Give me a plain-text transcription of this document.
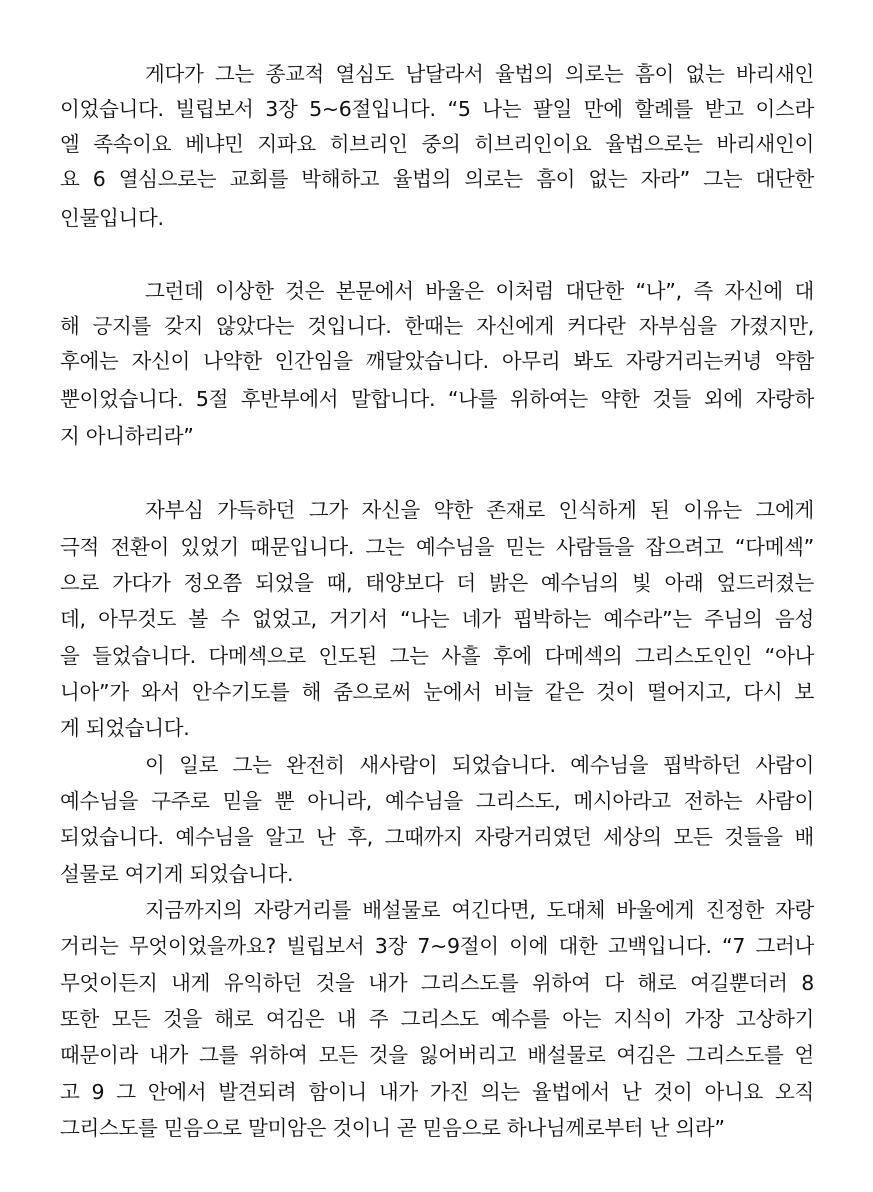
게다가 그는 종교적 열심도 남달라서 율법의 의로는 흠이 없는 바리새인
이었습니다. 빌립보서 3장 5~6절입니다. “5 나는 팔일 만에 할례를 받고 이스라
엘 족속이요 베냐민 지파요 히브리인 중의 히브리인이요 율법으로는 바리새인이
요 6 열심으로는 교회를 박해하고 율법의 의로는 흠이 없는 자라” 그는 대단한
인물입니다.
그런데 이상한 것은 본문에서 바울은 이처럼 대단한 “나”, 즉 자신에 대
해 긍지를 갖지 않았다는 것입니다. 한때는 자신에게 커다란 자부심을 가졌지만,
후에는 자신이 나약한 인간임을 깨달았습니다. 아무리 봐도 자랑거리는커녕 약함
뿐이었습니다. 5절 후반부에서 말합니다. “나를 위하여는 약한 것들 외에 자랑하
지 아니하리라”
자부심 가득하던 그가 자신을 약한 존재로 인식하게 된 이유는 그에게
극적 전환이 있었기 때문입니다. 그는 예수님을 믿는 사람들을 잡으려고 “다메섹”
으로 가다가 정오쯤 되었을 때, 태양보다 더 밝은 예수님의 빛 아래 엎드러졌는
데, 아무것도 볼 수 없었고, 거기서 “나는 네가 핍박하는 예수라”는 주님의 음성
을 들었습니다. 다메섹으로 인도된 그는 사흘 후에 다메섹의 그리스도인인 “아나
니아”가 와서 안수기도를 해 줌으로써 눈에서 비늘 같은 것이 떨어지고, 다시 보
게 되었습니다.
이 일로 그는 완전히 새사람이 되었습니다. 예수님을 핍박하던 사람이
예수님을 구주로 믿을 뿐 아니라, 예수님을 그리스도, 메시아라고 전하는 사람이
되었습니다. 예수님을 알고 난 후, 그때까지 자랑거리였던 세상의 모든 것들을 배
설물로 여기게 되었습니다.
지금까지의 자랑거리를 배설물로 여긴다면, 도대체 바울에게 진정한 자랑
거리는 무엇이었을까요? 빌립보서 3장 7~9절이 이에 대한 고백입니다. “7 그러나
무엇이든지 내게 유익하던 것을 내가 그리스도를 위하여 다 해로 여길뿐더러 8
또한 모든 것을 해로 여김은 내 주 그리스도 예수를 아는 지식이 가장 고상하기
때문이라 내가 그를 위하여 모든 것을 잃어버리고 배설물로 여김은 그리스도를 얻
고 9 그 안에서 발견되려 함이니 내가 가진 의는 율법에서 난 것이 아니요 오직
그리스도를 믿음으로 말미암은 것이니 곧 믿음으로 하나님께로부터 난 의라”
